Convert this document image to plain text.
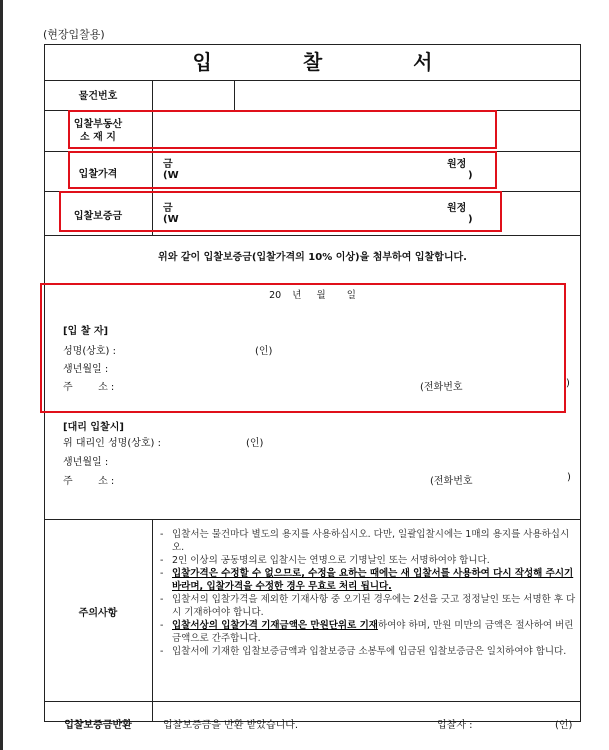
(현장입찰용)
입 찰 서
물건번호
입찰부동산
소 재 지
입찰가격
금	원정
(W	)
입찰보증금
금	원정
(W	)
위와 같이 입찰보증금(입찰가격의 10% 이상)을 첨부하여 입찰합니다.
20 년 월 일
[입 찰 자]
성명(상호) :	(인)
생년월일 :
주        소 :	(전화번호	)
[대리 입찰시]
위 대리인 성명(상호) :	(인)
생년월일 :
주        소 :	(전화번호	)
주의사항
- 입찰서는 물건마다 별도의 용지를 사용하십시오. 다만, 일괄입찰시에는 1매의 용지를 사용하십시오.
- 2인 이상의 공동명의로 입찰시는 연명으로 기명날인 또는 서명하여야 합니다.
- 입찰가격은 수정할 수 없으므로, 수정을 요하는 때에는 새 입찰서를 사용하여 다시 작성해 주시기 바라며, 입찰가격을 수정한 경우 무효로 처리 됩니다.
- 입찰서의 입찰가격을 제외한 기재사항 중 오기된 경우에는 2선을 긋고 정정날인 또는 서명한 후 다시 기재하여야 합니다.
- 입찰서상의 입찰가격 기재금액은 만원단위로 기재하여야 하며, 만원 미만의 금액은 절사하여 버린 금액으로 간주합니다.
- 입찰서에 기재한 입찰보증금액과 입찰보증금 소봉투에 입금된 입찰보증금은 일치하여야 합니다.
입찰보증금반환	입찰보증금을 반환 받았습니다.	입찰자 :	(인)
